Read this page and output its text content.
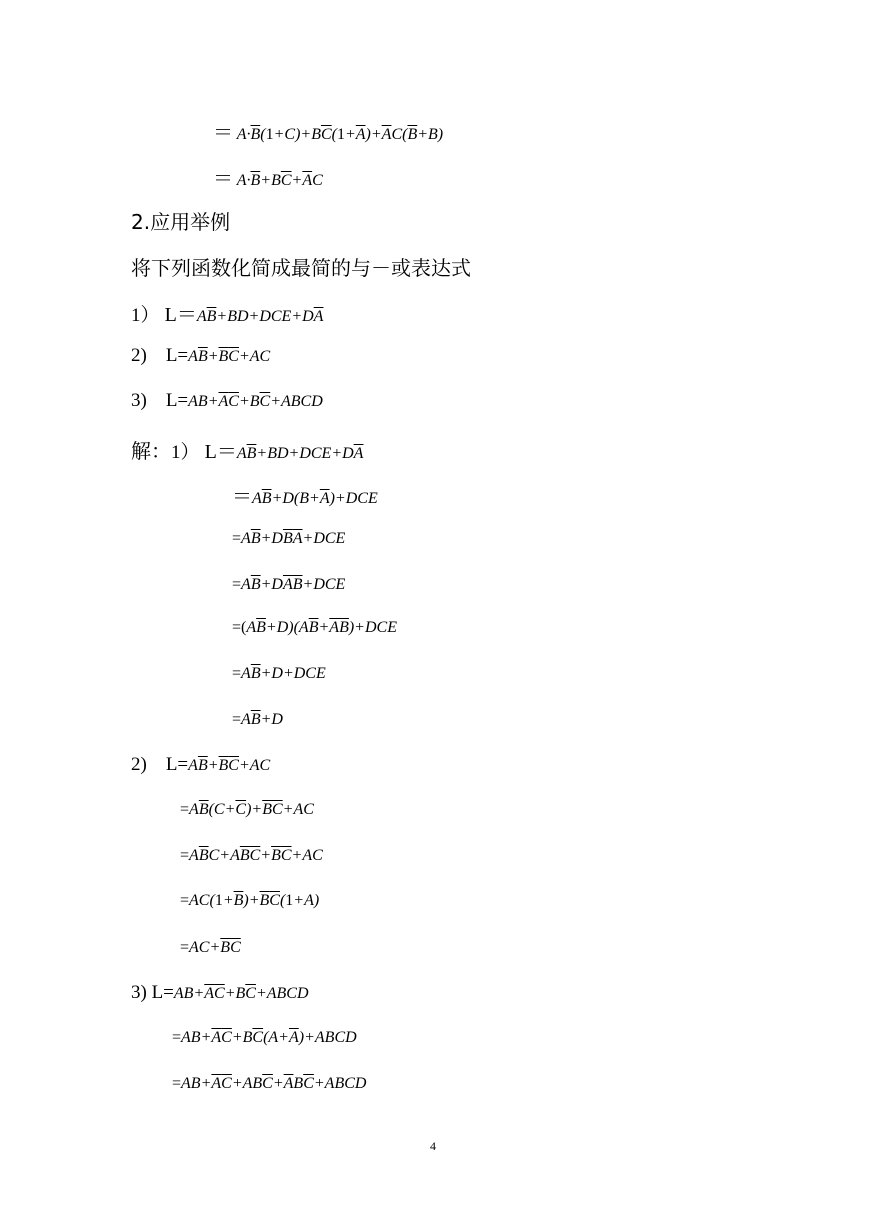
＝ $A\cdot\overline{B}(1+C)+B\overline{C}(1+\overline{A})+\overline{A}C(\overline{B}+B)$
＝ $A\cdot\overline{B}+B\overline{C}+\overline{A}C$
2.应用举例
将下列函数化简成最简的与－或表达式
1） $L=A\overline{B}+BD+DCE+D\overline{A}$
2)    $L=A\overline{B}+\overline{B}\overline{C}+AC$
3)    $L=AB+\overline{A}\overline{C}+B\overline{C}+ABCD$
解：1） $L=A\overline{B}+BD+DCE+D\overline{A}$
$=A\overline{B}+D(B+\overline{A})+DCE$
$=A\overline{B}+DBA+DCE$
$=A\overline{B}+DAB+DCE$
$=(A\overline{B}+D)(A\overline{B}+AB)+DCE$
$=A\overline{B}+D+DCE$
$=A\overline{B}+D$
2)    $L=A\overline{B}+\overline{B}\overline{C}+AC$
$=A\overline{B}(C+\overline{C})+\overline{B}\overline{C}+AC$
$=A\overline{B}C+A\overline{B}\overline{C}+\overline{B}\overline{C}+AC$
$=AC(1+\overline{B})+\overline{B}\overline{C}(1+A)$
$=AC+\overline{B}\overline{C}$
3) $L=AB+\overline{A}\overline{C}+B\overline{C}+ABCD$
$=AB+\overline{A}\overline{C}+B\overline{C}(A+\overline{A})+ABCD$
$=AB+\overline{A}\overline{C}+AB\overline{C}+\overline{A}B\overline{C}+ABCD$
4
